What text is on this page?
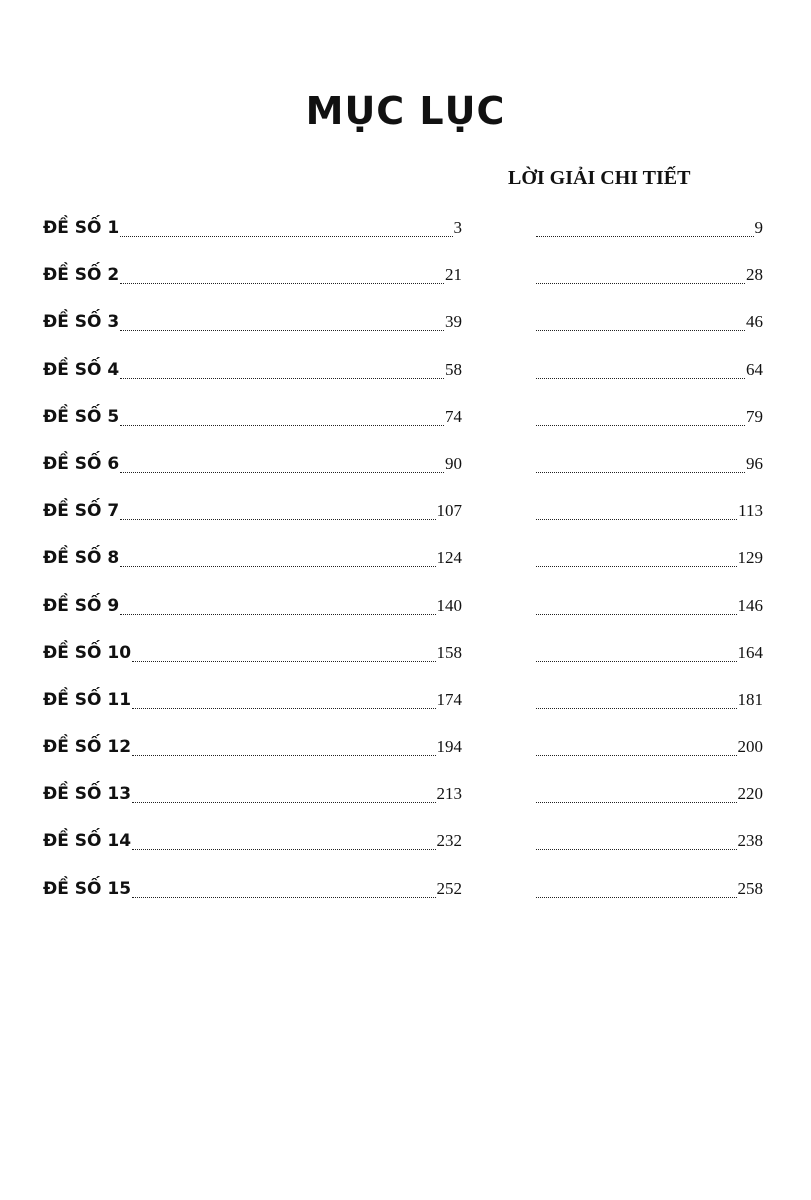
MỤC LỤC
LỜI GIẢI CHI TIẾT
ĐỀ SỐ 1	3	9
ĐỀ SỐ 2	21	28
ĐỀ SỐ 3	39	46
ĐỀ SỐ 4	58	64
ĐỀ SỐ 5	74	79
ĐỀ SỐ 6	90	96
ĐỀ SỐ 7	107	113
ĐỀ SỐ 8	124	129
ĐỀ SỐ 9	140	146
ĐỀ SỐ 10	158	164
ĐỀ SỐ 11	174	181
ĐỀ SỐ 12	194	200
ĐỀ SỐ 13	213	220
ĐỀ SỐ 14	232	238
ĐỀ SỐ 15	252	258
